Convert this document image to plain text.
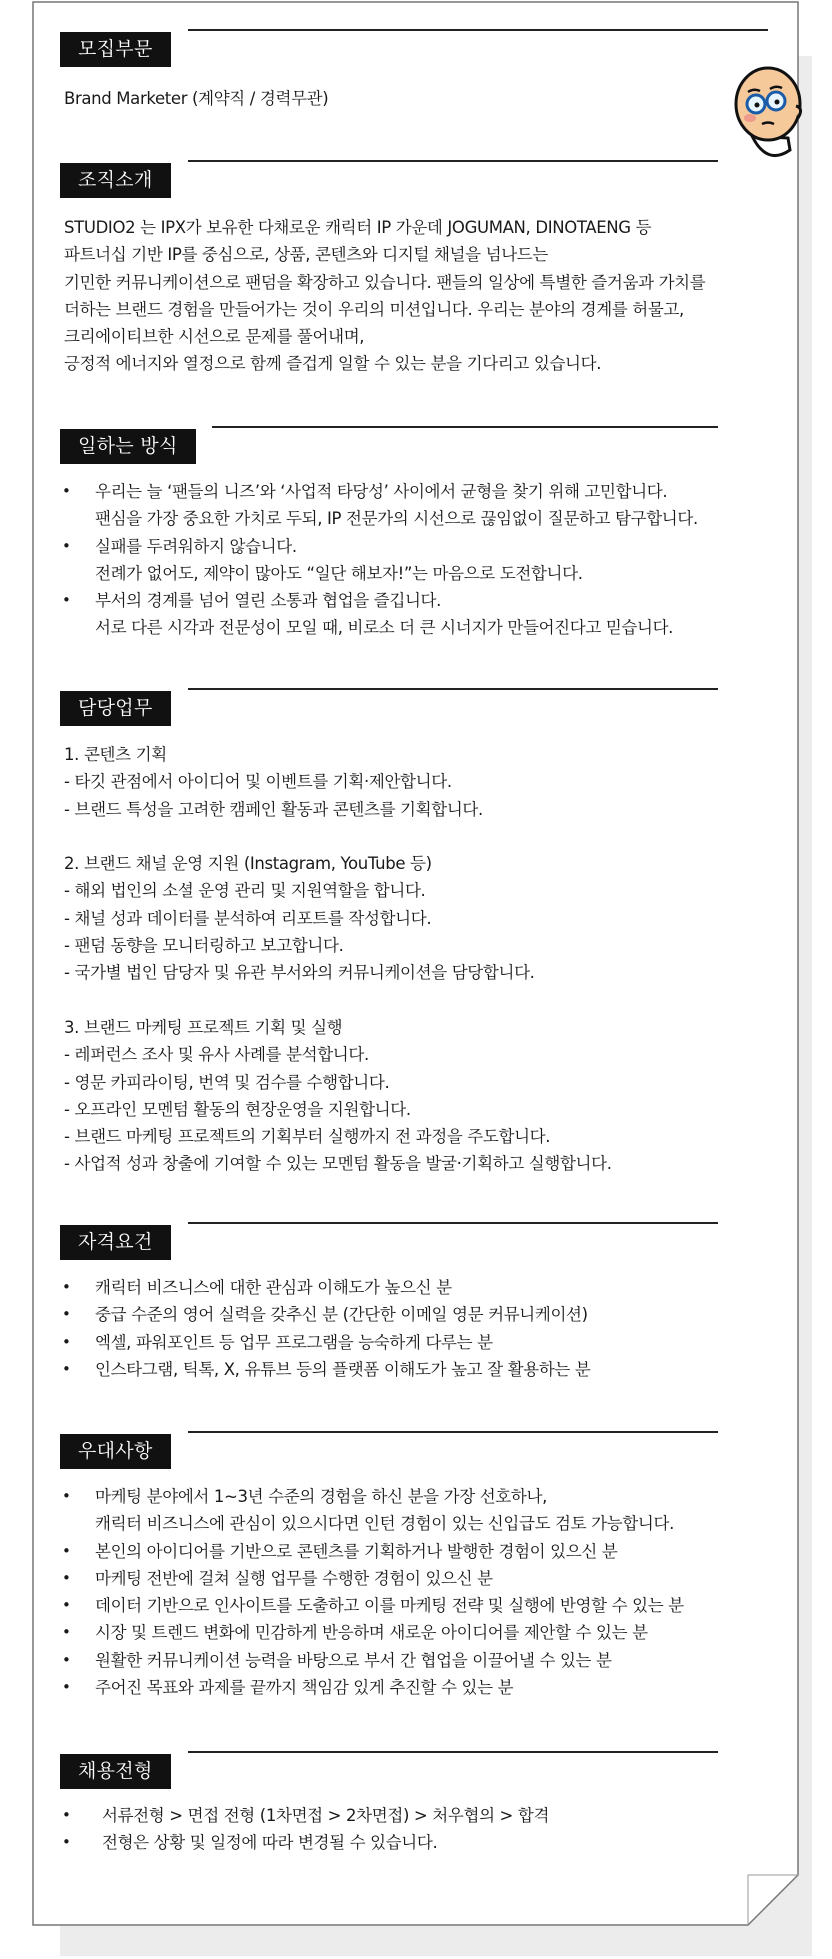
모집부문
Brand Marketer (계약직 / 경력무관)
조직소개
STUDIO2 는 IPX가 보유한 다채로운 캐릭터 IP 가운데 JOGUMAN, DINOTAENG 등
파트너십 기반 IP를 중심으로, 상품, 콘텐츠와 디지털 채널을 넘나드는
기민한 커뮤니케이션으로 팬덤을 확장하고 있습니다. 팬들의 일상에 특별한 즐거움과 가치를
더하는 브랜드 경험을 만들어가는 것이 우리의 미션입니다. 우리는 분야의 경계를 허물고,
크리에이티브한 시선으로 문제를 풀어내며,
긍정적 에너지와 열정으로 함께 즐겁게 일할 수 있는 분을 기다리고 있습니다.
일하는 방식
• 우리는 늘 ‘팬들의 니즈’와 ‘사업적 타당성’ 사이에서 균형을 찾기 위해 고민합니다.
팬심을 가장 중요한 가치로 두되, IP 전문가의 시선으로 끊임없이 질문하고 탐구합니다.
• 실패를 두려워하지 않습니다.
전례가 없어도, 제약이 많아도 “일단 해보자!”는 마음으로 도전합니다.
• 부서의 경계를 넘어 열린 소통과 협업을 즐깁니다.
서로 다른 시각과 전문성이 모일 때, 비로소 더 큰 시너지가 만들어진다고 믿습니다.
담당업무
1. 콘텐츠 기획
- 타깃 관점에서 아이디어 및 이벤트를 기획·제안합니다.
- 브랜드 특성을 고려한 캠페인 활동과 콘텐츠를 기획합니다.

2. 브랜드 채널 운영 지원 (Instagram, YouTube 등)
- 해외 법인의 소셜 운영 관리 및 지원역할을 합니다.
- 채널 성과 데이터를 분석하여 리포트를 작성합니다.
- 팬덤 동향을 모니터링하고 보고합니다.
- 국가별 법인 담당자 및 유관 부서와의 커뮤니케이션을 담당합니다.

3. 브랜드 마케팅 프로젝트 기획 및 실행
- 레퍼런스 조사 및 유사 사례를 분석합니다.
- 영문 카피라이팅, 번역 및 검수를 수행합니다.
- 오프라인 모멘텀 활동의 현장운영을 지원합니다.
- 브랜드 마케팅 프로젝트의 기획부터 실행까지 전 과정을 주도합니다.
- 사업적 성과 창출에 기여할 수 있는 모멘텀 활동을 발굴·기획하고 실행합니다.
자격요건
• 캐릭터 비즈니스에 대한 관심과 이해도가 높으신 분
• 중급 수준의 영어 실력을 갖추신 분 (간단한 이메일 영문 커뮤니케이션)
• 엑셀, 파워포인트 등 업무 프로그램을 능숙하게 다루는 분
• 인스타그램, 틱톡, X, 유튜브 등의 플랫폼 이해도가 높고 잘 활용하는 분
우대사항
• 마케팅 분야에서 1~3년 수준의 경험을 하신 분을 가장 선호하나,
캐릭터 비즈니스에 관심이 있으시다면 인턴 경험이 있는 신입급도 검토 가능합니다.
• 본인의 아이디어를 기반으로 콘텐츠를 기획하거나 발행한 경험이 있으신 분
• 마케팅 전반에 걸쳐 실행 업무를 수행한 경험이 있으신 분
• 데이터 기반으로 인사이트를 도출하고 이를 마케팅 전략 및 실행에 반영할 수 있는 분
• 시장 및 트렌드 변화에 민감하게 반응하며 새로운 아이디어를 제안할 수 있는 분
• 원활한 커뮤니케이션 능력을 바탕으로 부서 간 협업을 이끌어낼 수 있는 분
• 주어진 목표와 과제를 끝까지 책임감 있게 추진할 수 있는 분
채용전형
• 서류전형 > 면접 전형 (1차면접 > 2차면접) > 처우협의 > 합격
• 전형은 상황 및 일정에 따라 변경될 수 있습니다.
